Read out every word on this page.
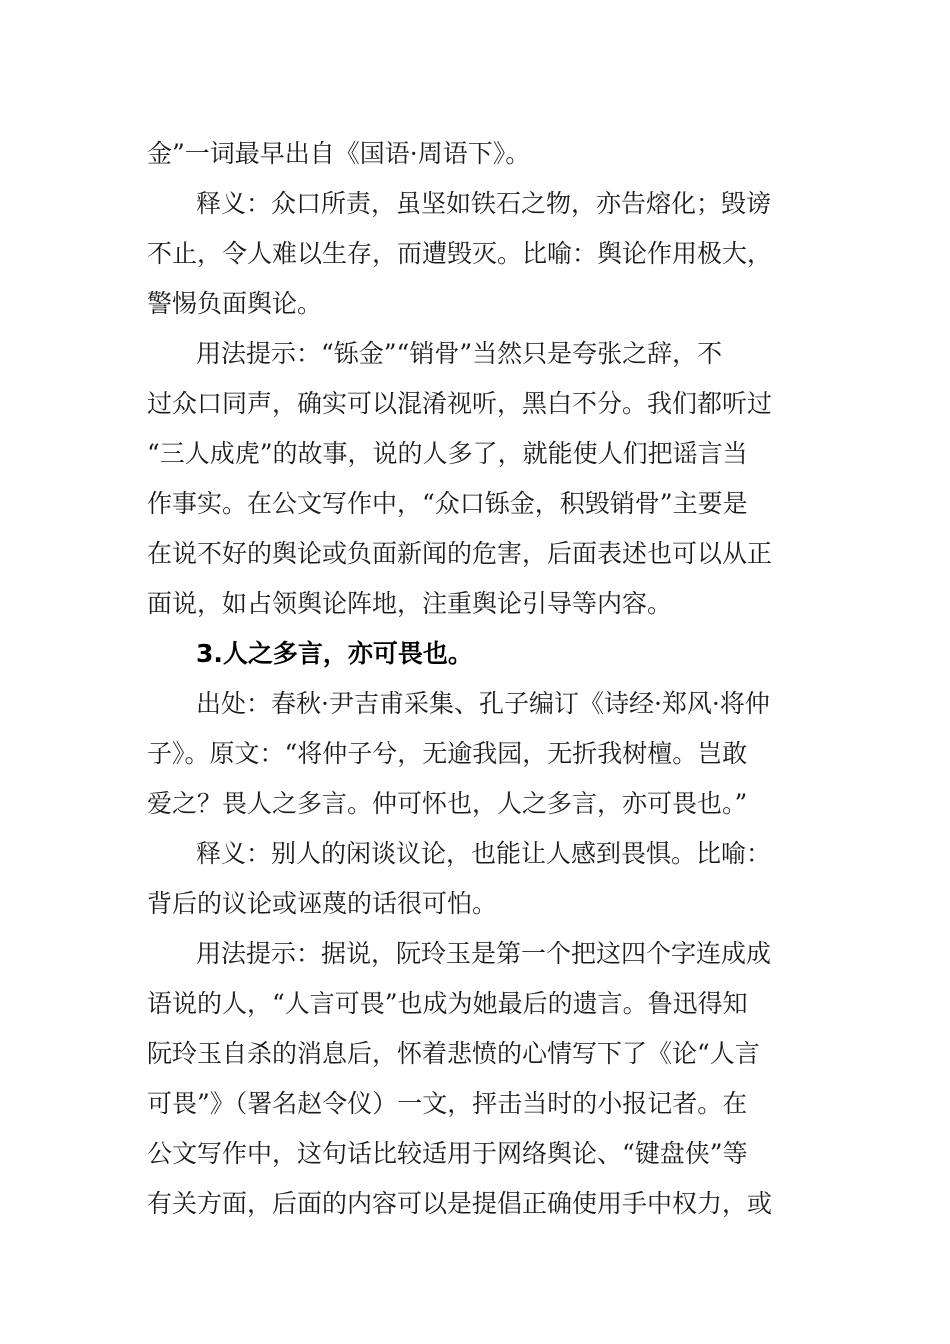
金”一词最早出自《国语·周语下》。
释义：众口所责，虽坚如铁石之物，亦告熔化；毁谤
不止，令人难以生存，而遭毁灭。比喻：舆论作用极大，
警惕负面舆论。
用法提示：“铄金”“销骨”当然只是夸张之辞，不
过众口同声，确实可以混淆视听，黑白不分。我们都听过
“三人成虎”的故事，说的人多了，就能使人们把谣言当
作事实。在公文写作中，“众口铄金，积毁销骨”主要是
在说不好的舆论或负面新闻的危害，后面表述也可以从正
面说，如占领舆论阵地，注重舆论引导等内容。
3.人之多言，亦可畏也。
出处：春秋·尹吉甫采集、孔子编订《诗经·郑风·将仲
子》。原文：“将仲子兮，无逾我园，无折我树檀。岂敢
爱之？畏人之多言。仲可怀也，人之多言，亦可畏也。”
释义：别人的闲谈议论，也能让人感到畏惧。比喻：
背后的议论或诬蔑的话很可怕。
用法提示：据说，阮玲玉是第一个把这四个字连成成
语说的人，“人言可畏”也成为她最后的遗言。鲁迅得知
阮玲玉自杀的消息后，怀着悲愤的心情写下了《论“人言
可畏”》（署名赵令仪）一文，抨击当时的小报记者。在
公文写作中，这句话比较适用于网络舆论、“键盘侠”等
有关方面，后面的内容可以是提倡正确使用手中权力，或
